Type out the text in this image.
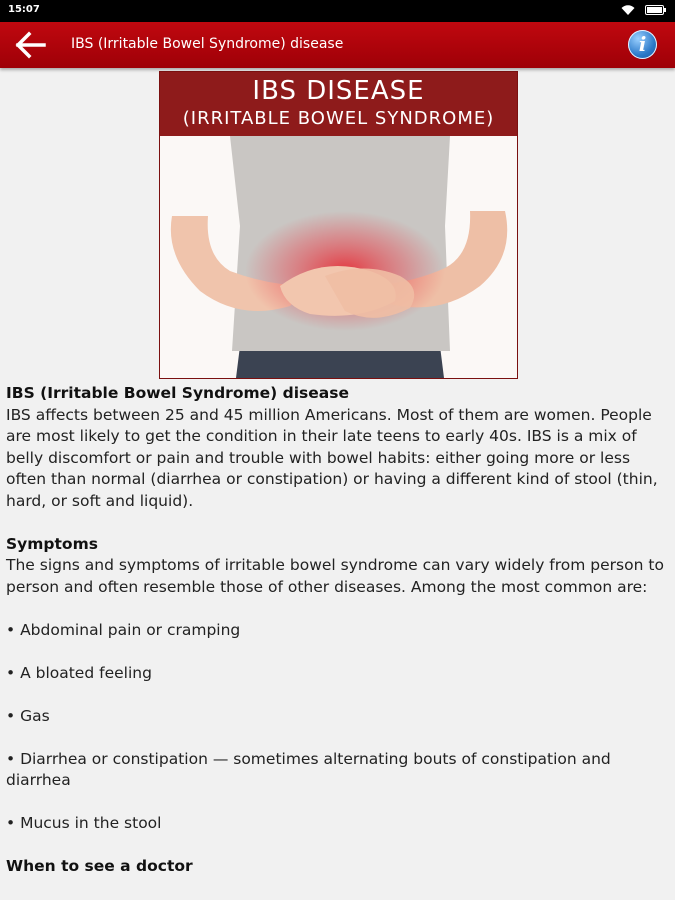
15:07
IBS (Irritable Bowel Syndrome) disease	i
IBS DISEASE
(IRRITABLE BOWEL SYNDROME)

IBS (Irritable Bowel Syndrome) disease

IBS affects between 25 and 45 million Americans. Most of them are women. People are most likely to get the condition in their late teens to early 40s. IBS is a mix of belly discomfort or pain and trouble with bowel habits: either going more or less often than normal (diarrhea or constipation) or having a different kind of stool (thin, hard, or soft and liquid).

Symptoms

The signs and symptoms of irritable bowel syndrome can vary widely from person to person and often resemble those of other diseases. Among the most common are:

• Abdominal pain or cramping

• A bloated feeling

• Gas

• Diarrhea or constipation — sometimes alternating bouts of constipation and diarrhea

• Mucus in the stool

When to see a doctor
